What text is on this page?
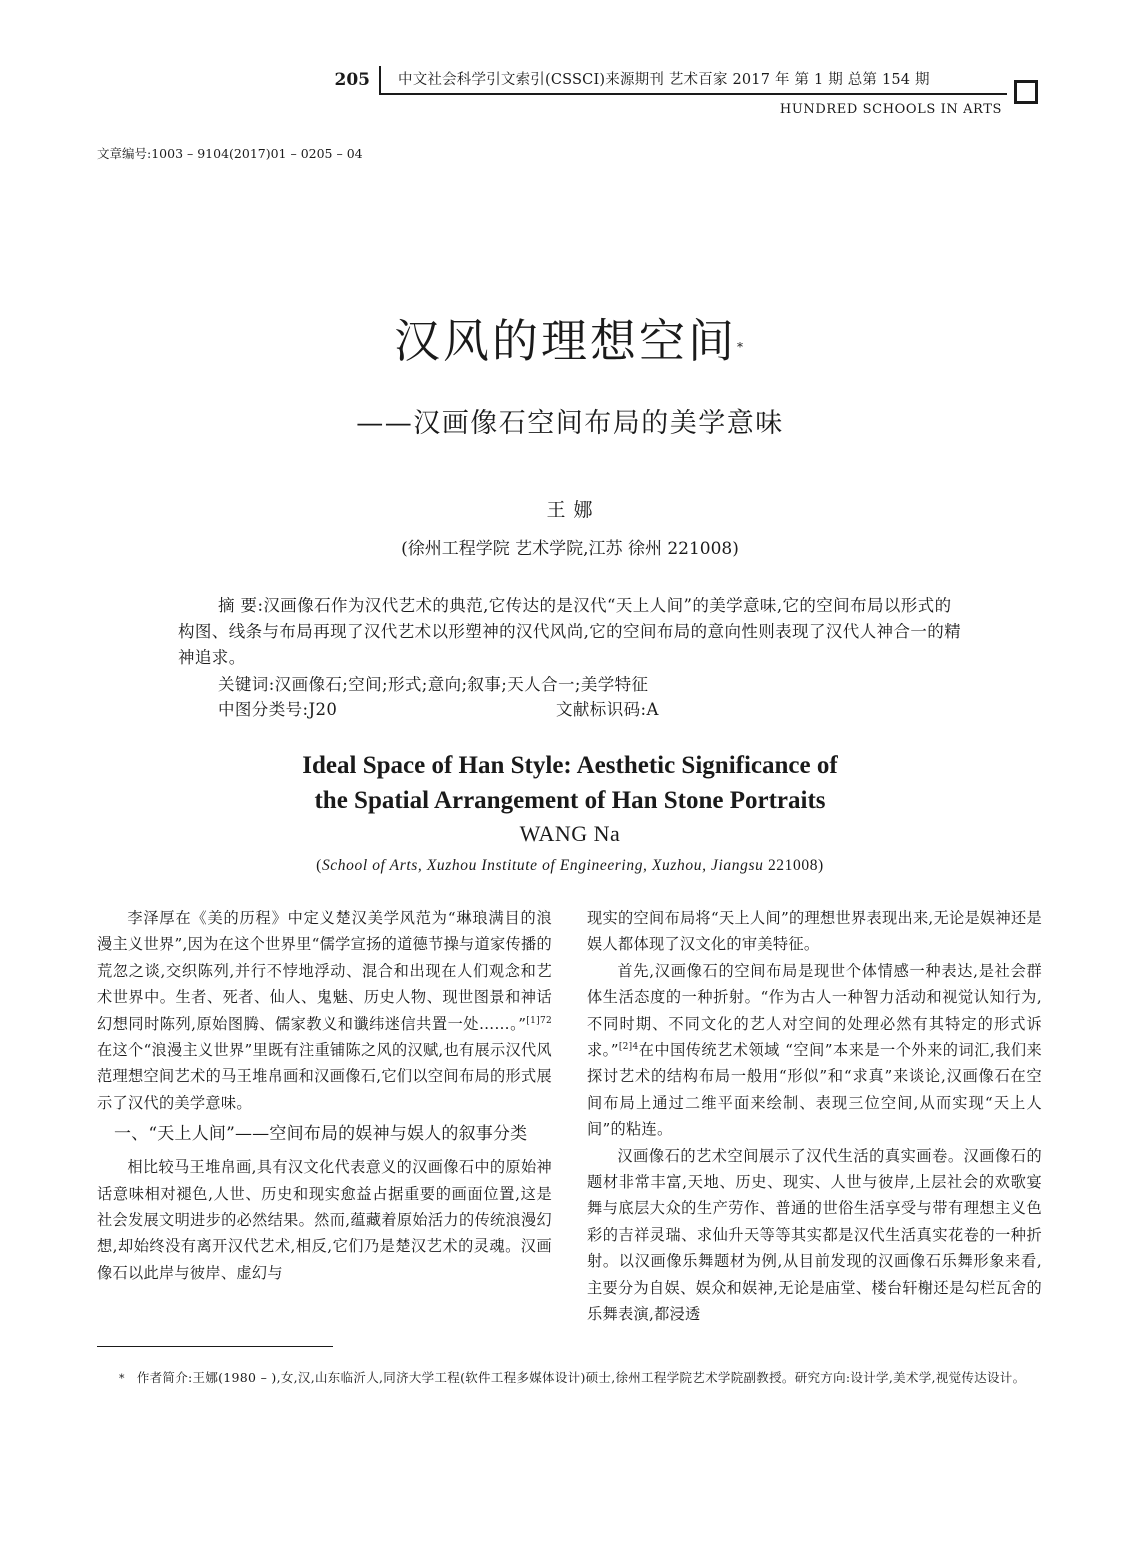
205 中文社会科学引文索引(CSSCI)来源期刊 艺术百家 2017 年 第 1 期 总第 154 期
HUNDRED SCHOOLS IN ARTS
文章编号:1003 – 9104(2017)01 – 0205 – 04
汉风的理想空间*
——汉画像石空间布局的美学意味
王 娜
(徐州工程学院 艺术学院,江苏 徐州 221008)
摘 要:汉画像石作为汉代艺术的典范,它传达的是汉代“天上人间”的美学意味,它的空间布局以形式的构图、线条与布局再现了汉代艺术以形塑神的汉代风尚,它的空间布局的意向性则表现了汉代人神合一的精神追求。
关键词:汉画像石;空间;形式;意向;叙事;天人合一;美学特征
中图分类号:J20	文献标识码:A
Ideal Space of Han Style: Aesthetic Significance of
the Spatial Arrangement of Han Stone Portraits
WANG Na
(School of Arts, Xuzhou Institute of Engineering, Xuzhou, Jiangsu 221008)

李泽厚在《美的历程》中定义楚汉美学风范为“琳琅满目的浪漫主义世界”,因为在这个世界里“儒学宣扬的道德节操与道家传播的荒忽之谈,交织陈列,并行不悖地浮动、混合和出现在人们观念和艺术世界中。生者、死者、仙人、鬼魅、历史人物、现世图景和神话幻想同时陈列,原始图腾、儒家教义和谶纬迷信共置一处……。”$^{[1]72}$在这个“浪漫主义世界”里既有注重铺陈之风的汉赋,也有展示汉代风范理想空间艺术的马王堆帛画和汉画像石,它们以空间布局的形式展示了汉代的美学意味。

一、“天上人间”——空间布局的娱神与娱人的叙事分类

相比较马王堆帛画,具有汉文化代表意义的汉画像石中的原始神话意味相对褪色,人世、历史和现实愈益占据重要的画面位置,这是社会发展文明进步的必然结果。然而,蕴藏着原始活力的传统浪漫幻想,却始终没有离开汉代艺术,相反,它们乃是楚汉艺术的灵魂。汉画像石以此岸与彼岸、虚幻与

现实的空间布局将“天上人间”的理想世界表现出来,无论是娱神还是娱人都体现了汉文化的审美特征。

首先,汉画像石的空间布局是现世个体情感一种表达,是社会群体生活态度的一种折射。“作为古人一种智力活动和视觉认知行为,不同时期、不同文化的艺人对空间的处理必然有其特定的形式诉求。”$^{[2]4}$在中国传统艺术领域 “空间”本来是一个外来的词汇,我们来探讨艺术的结构布局一般用“形似”和“求真”来谈论,汉画像石在空间布局上通过二维平面来绘制、表现三位空间,从而实现“天上人间”的粘连。

汉画像石的艺术空间展示了汉代生活的真实画卷。汉画像石的题材非常丰富,天地、历史、现实、人世与彼岸,上层社会的欢歌宴舞与底层大众的生产劳作、普通的世俗生活享受与带有理想主义色彩的吉祥灵瑞、求仙升天等等其实都是汉代生活真实花卷的一种折射。以汉画像乐舞题材为例,从目前发现的汉画像石乐舞形象来看,主要分为自娱、娱众和娱神,无论是庙堂、楼台轩榭还是勾栏瓦舍的乐舞表演,都浸透

* 作者简介:王娜(1980 – ),女,汉,山东临沂人,同济大学工程(软件工程多媒体设计)硕士,徐州工程学院艺术学院副教授。研究方向:设计学,美术学,视觉传达设计。
